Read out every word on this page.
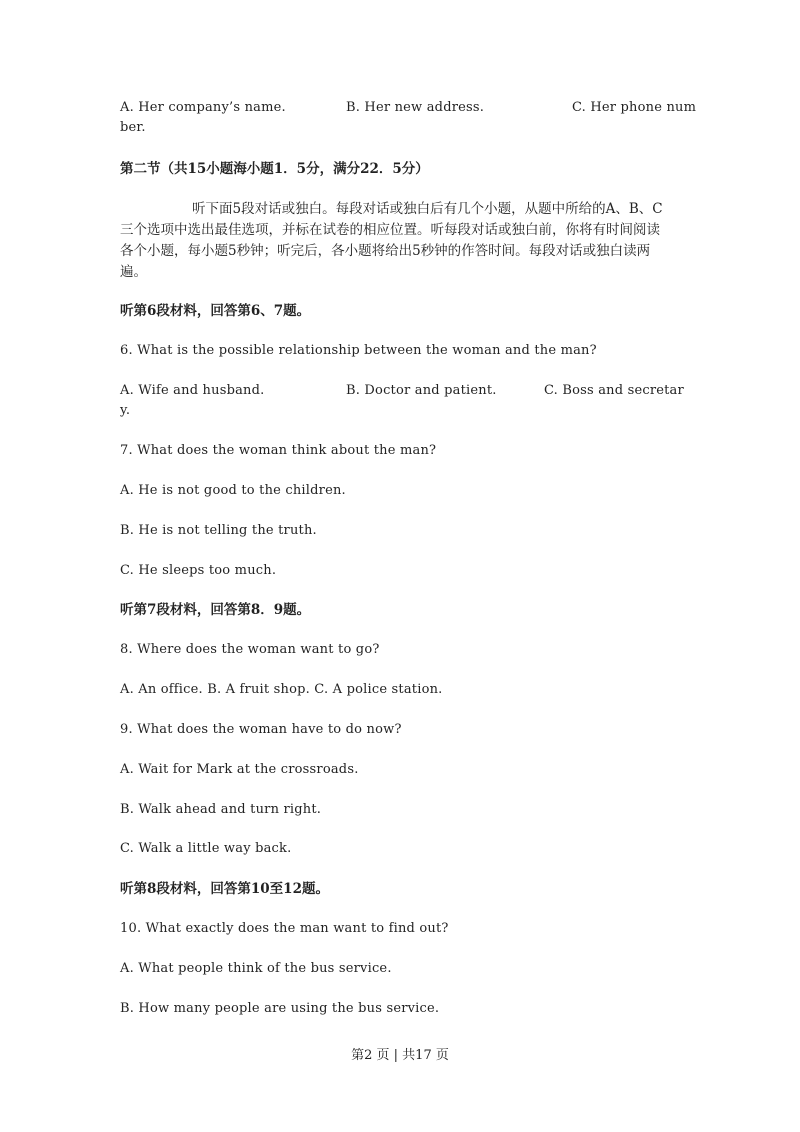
A. Her company’s name.	B. Her new address.	C. Her phone num
ber.
第二节（共15小题海小题1．5分，满分22．5分）
听下面5段对话或独白。每段对话或独白后有几个小题，从题中所给的A、B、C
三个选项中选出最佳选项，并标在试卷的相应位置。听每段对话或独白前，你将有时间阅读
各个小题，每小题5秒钟；听完后，各小题将给出5秒钟的作答时间。每段对话或独白读两
遍。
听第6段材料，回答第6、7题。
6. What is the possible relationship between the woman and the man?
A. Wife and husband.	B. Doctor and patient.	C. Boss and secretar
y.
7. What does the woman think about the man?
A. He is not good to the children.
B. He is not telling the truth.
C. He sleeps too much.
听第7段材料，回答第8．9题。
8. Where does the woman want to go?
A. An office. B. A fruit shop. C. A police station.
9. What does the woman have to do now?
A. Wait for Mark at the crossroads.
B. Walk ahead and turn right.
C. Walk a little way back.
听第8段材料，回答第10至12题。
10. What exactly does the man want to find out?
A. What people think of the bus service.
B. How many people are using the bus service.
第2 页 | 共17 页
